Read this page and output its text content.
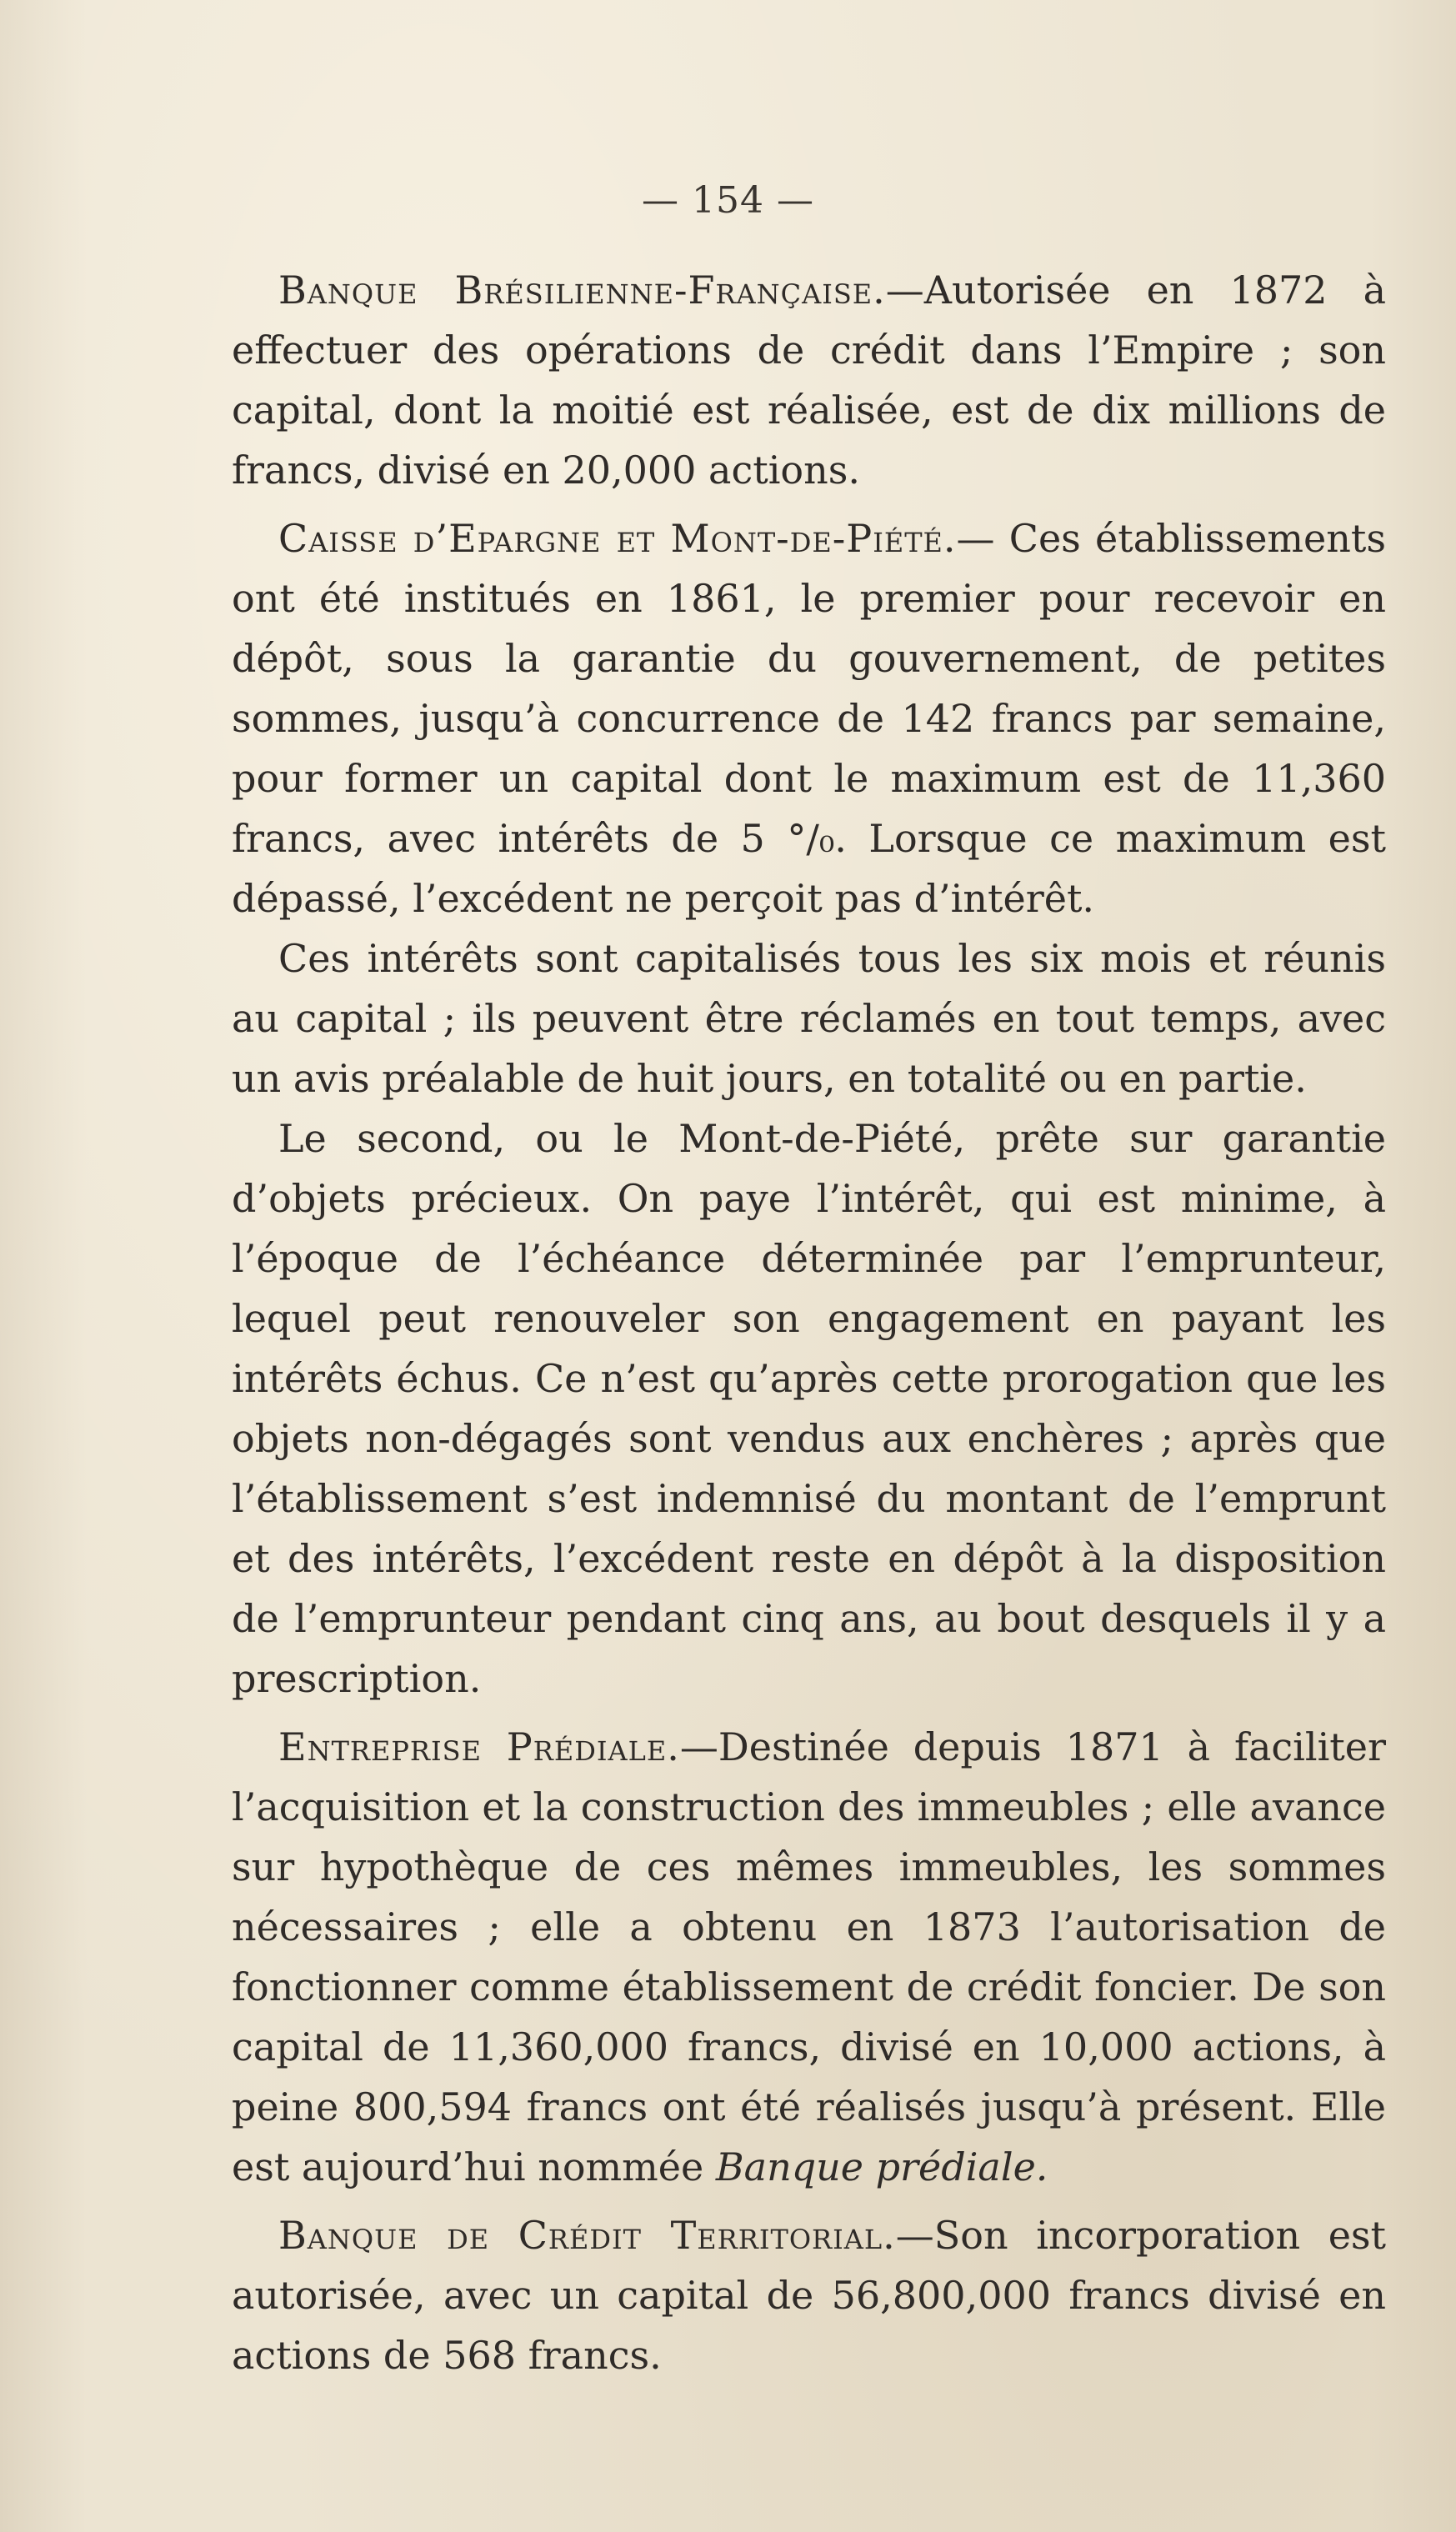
— 154 —

Banque Brésilienne-Française.—Autorisée en 1872 à effectuer des opérations de crédit dans l’Empire ; son capital, dont la moitié est réalisée, est de dix millions de francs, divisé en 20,000 actions.

Caisse d’Epargne et Mont-de-Piété.— Ces établissements ont été institués en 1861, le premier pour recevoir en dépôt, sous la garantie du gouvernement, de petites sommes, jusqu’à concurrence de 142 francs par semaine, pour former un capital dont le maximum est de 11,360 francs, avec intérêts de 5 °/₀. Lorsque ce maximum est dépassé, l’excédent ne perçoit pas d’intérêt.

Ces intérêts sont capitalisés tous les six mois et réunis au capital ; ils peuvent être réclamés en tout temps, avec un avis préalable de huit jours, en totalité ou en partie.

Le second, ou le Mont-de-Piété, prête sur garantie d’objets précieux. On paye l’intérêt, qui est minime, à l’époque de l’échéance déterminée par l’emprunteur, lequel peut renouveler son engagement en payant les intérêts échus. Ce n’est qu’après cette prorogation que les objets non-dégagés sont vendus aux enchères ; après que l’établissement s’est indemnisé du montant de l’emprunt et des intérêts, l’excédent reste en dépôt à la disposition de l’emprunteur pendant cinq ans, au bout desquels il y a prescription.

Entreprise Prédiale.—Destinée depuis 1871 à faciliter l’acquisition et la construction des immeubles ; elle avance sur hypothèque de ces mêmes immeubles, les sommes nécessaires ; elle a obtenu en 1873 l’autorisation de fonctionner comme établissement de crédit foncier. De son capital de 11,360,000 francs, divisé en 10,000 actions, à peine 800,594 francs ont été réalisés jusqu’à présent. Elle est aujourd’hui nommée Banque prédiale.

Banque de Crédit Territorial.—Son incorporation est autorisée, avec un capital de 56,800,000 francs divisé en actions de 568 francs.
